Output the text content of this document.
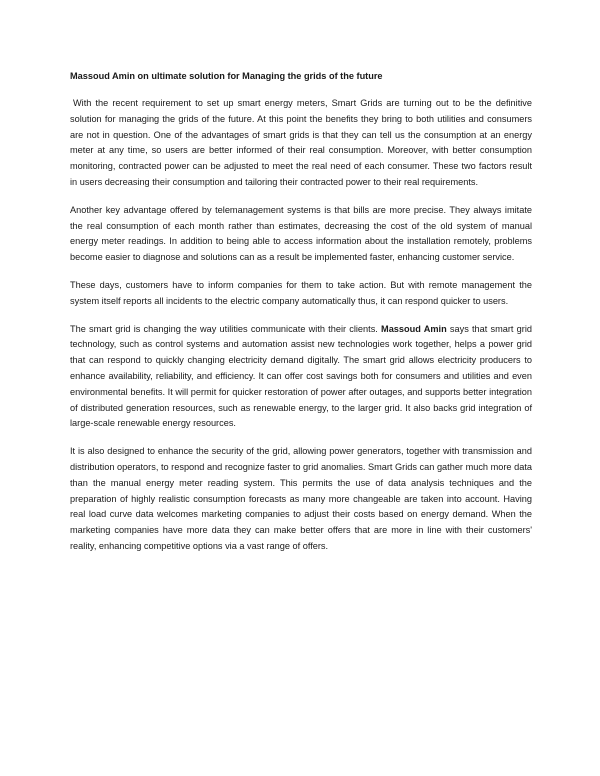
Massoud Amin on ultimate solution for Managing the grids of the future

With the recent requirement to set up smart energy meters, Smart Grids are turning out to be the definitive solution for managing the grids of the future. At this point the benefits they bring to both utilities and consumers are not in question. One of the advantages of smart grids is that they can tell us the consumption at an energy meter at any time, so users are better informed of their real consumption. Moreover, with better consumption monitoring, contracted power can be adjusted to meet the real need of each consumer. These two factors result in users decreasing their consumption and tailoring their contracted power to their real requirements.

Another key advantage offered by telemanagement systems is that bills are more precise. They always imitate the real consumption of each month rather than estimates, decreasing the cost of the old system of manual energy meter readings. In addition to being able to access information about the installation remotely, problems become easier to diagnose and solutions can as a result be implemented faster, enhancing customer service.

These days, customers have to inform companies for them to take action. But with remote management the system itself reports all incidents to the electric company automatically thus, it can respond quicker to users.

The smart grid is changing the way utilities communicate with their clients. Massoud Amin says that smart grid technology, such as control systems and automation assist new technologies work together, helps a power grid that can respond to quickly changing electricity demand digitally. The smart grid allows electricity producers to enhance availability, reliability, and efficiency. It can offer cost savings both for consumers and utilities and even environmental benefits. It will permit for quicker restoration of power after outages, and supports better integration of distributed generation resources, such as renewable energy, to the larger grid. It also backs grid integration of large-scale renewable energy resources.

It is also designed to enhance the security of the grid, allowing power generators, together with transmission and distribution operators, to respond and recognize faster to grid anomalies. Smart Grids can gather much more data than the manual energy meter reading system. This permits the use of data analysis techniques and the preparation of highly realistic consumption forecasts as many more changeable are taken into account. Having real load curve data welcomes marketing companies to adjust their costs based on energy demand. When the marketing companies have more data they can make better offers that are more in line with their customers' reality, enhancing competitive options via a vast range of offers.
